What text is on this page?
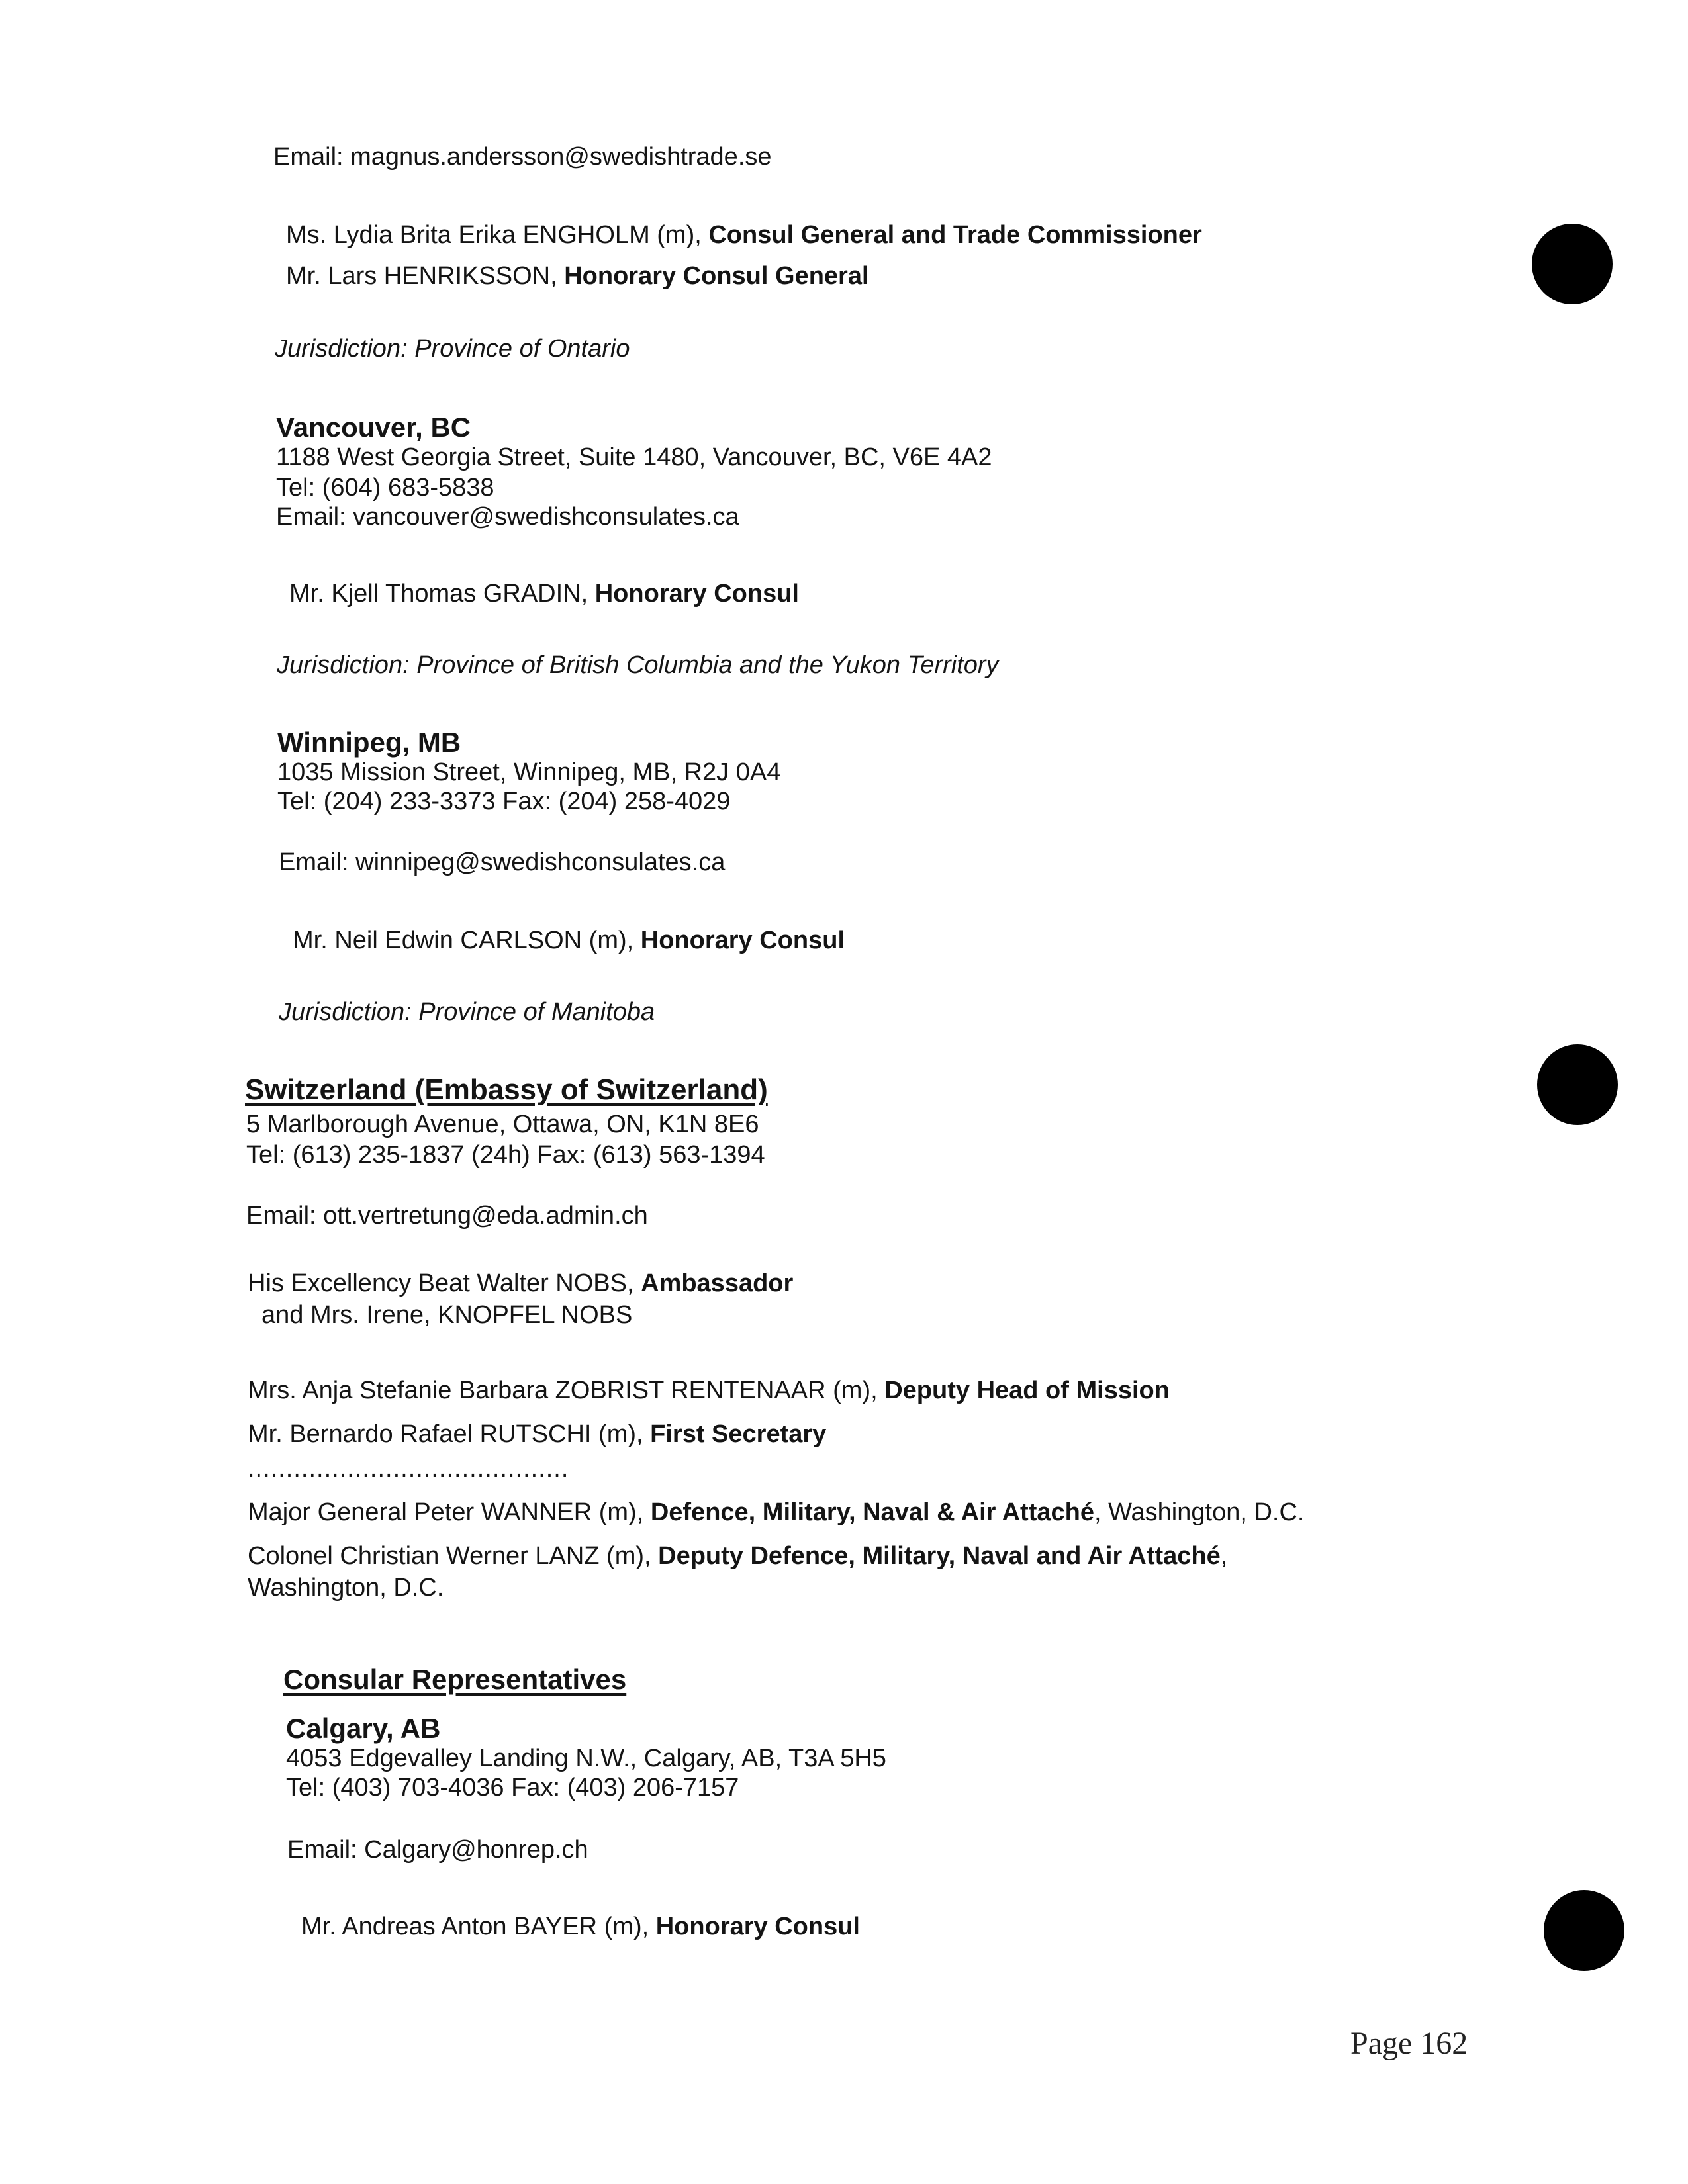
Email: magnus.andersson@swedishtrade.se
Ms. Lydia Brita Erika ENGHOLM (m), Consul General and Trade Commissioner
Mr. Lars HENRIKSSON, Honorary Consul General
Jurisdiction: Province of Ontario
Vancouver, BC
1188 West Georgia Street, Suite 1480, Vancouver, BC, V6E 4A2
Tel: (604) 683-5838
Email: vancouver@swedishconsulates.ca
Mr. Kjell Thomas GRADIN, Honorary Consul
Jurisdiction: Province of British Columbia and the Yukon Territory
Winnipeg, MB
1035 Mission Street, Winnipeg, MB, R2J 0A4
Tel: (204) 233-3373 Fax: (204) 258-4029
Email: winnipeg@swedishconsulates.ca
Mr. Neil Edwin CARLSON (m), Honorary Consul
Jurisdiction: Province of Manitoba
Switzerland (Embassy of Switzerland)
5 Marlborough Avenue, Ottawa, ON, K1N 8E6
Tel: (613) 235-1837 (24h) Fax: (613) 563-1394
Email: ott.vertretung@eda.admin.ch
His Excellency Beat Walter NOBS, Ambassador
and Mrs. Irene, KNOPFEL NOBS
Mrs. Anja Stefanie Barbara ZOBRIST RENTENAAR (m), Deputy Head of Mission
Mr. Bernardo Rafael RUTSCHI (m), First Secretary
..........................................
Major General Peter WANNER (m), Defence, Military, Naval & Air Attaché, Washington, D.C.
Colonel Christian Werner LANZ (m), Deputy Defence, Military, Naval and Air Attaché,
Washington, D.C.
Consular Representatives
Calgary, AB
4053 Edgevalley Landing N.W., Calgary, AB, T3A 5H5
Tel: (403) 703-4036 Fax: (403) 206-7157
Email: Calgary@honrep.ch
Mr. Andreas Anton BAYER (m), Honorary Consul
Page 162
